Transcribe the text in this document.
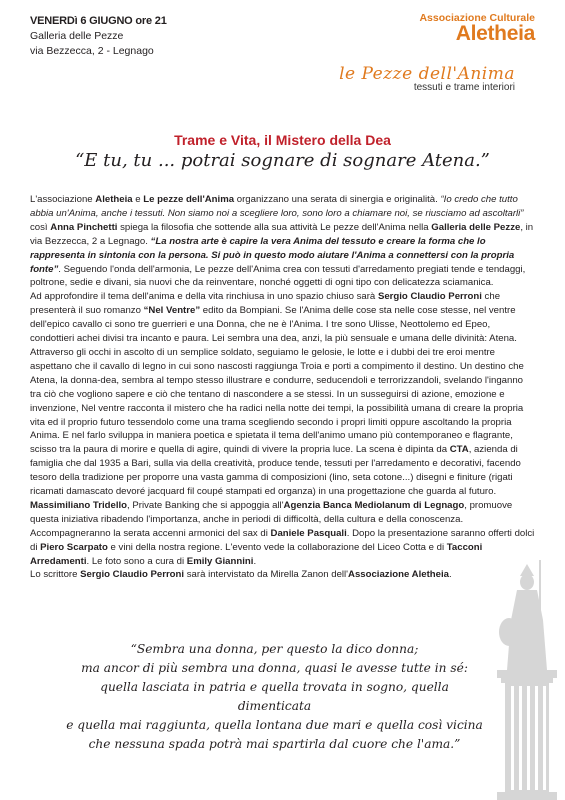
VENERDì 6 GIUGNO ore 21
Galleria delle Pezze
via Bezzecca, 2 - Legnago
Associazione Culturale
Aletheia
le Pezze dell'Anima
tessuti e trame interiori
Trame e Vita, il Mistero della Dea
“E tu, tu ... potrai sognare di sognare Atena.”

L'associazione Aletheia e Le pezze dell'Anima organizzano una serata di sinergia e originalità. “Io credo che tutto abbia un'Anima, anche i tessuti. Non siamo noi a scegliere loro, sono loro a chiamare noi, se riusciamo ad ascoltarli” così Anna Pinchetti spiega la filosofia che sottende alla sua attività Le pezze dell'Anima nella Galleria delle Pezze, in via Bezzecca, 2 a Legnago. “La nostra arte è capire la vera Anima del tessuto e creare la forma che lo rappresenta in sintonia con la persona. Si può in questo modo aiutare l'Anima a connettersi con la propria fonte”. Seguendo l'onda dell'armonia, Le pezze dell'Anima crea con tessuti d'arredamento pregiati tende e tendaggi, poltrone, sedie e divani, sia nuovi che da reinventare, nonché oggetti di ogni tipo con delicatezza sciamanica.

Ad approfondire il tema dell'anima e della vita rinchiusa in uno spazio chiuso sarà Sergio Claudio Perroni che presenterà il suo romanzo “Nel Ventre” edito da Bompiani. Se l'Anima delle cose sta nelle cose stesse, nel ventre dell'epico cavallo ci sono tre guerrieri e una Donna, che ne è l'Anima. I tre sono Ulisse, Neottolemo ed Epeo, condottieri achei divisi tra incanto e paura. Lei sembra una dea, anzi, la più sensuale e umana delle divinità: Atena. Attraverso gli occhi in ascolto di un semplice soldato, seguiamo le gelosie, le lotte e i dubbi dei tre eroi mentre aspettano che il cavallo di legno in cui sono nascosti raggiunga Troia e porti a compimento il destino. Un destino che Atena, la donna-dea, sembra al tempo stesso illustrare e condurre, seducendoli e terrorizzandoli, svelando l'inganno tra ciò che vogliono sapere e ciò che tentano di nascondere a se stessi. In un susseguirsi di azione, emozione e invenzione, Nel ventre racconta il mistero che ha radici nella notte dei tempi, la possibilità umana di creare la propria vita ed il proprio futuro tessendolo come una trama scegliendo secondo i propri limiti oppure ascoltando la propria Anima. E nel farlo sviluppa in maniera poetica e spietata il tema dell'animo umano più contemporaneo e flagrante, scisso tra la paura di morire e quella di agire, quindi di vivere la propria luce. La scena è dipinta da CTA, azienda di famiglia che dal 1935 a Bari, sulla via della creatività, produce tende, tessuti per l'arredamento e decorativi, facendo tesoro della tradizione per proporre una vasta gamma di composizioni (lino, seta cotone...) disegni e finiture (rigati ricamati damascato devoré jacquard fil coupé stampati ed organza) in una progettazione che guarda al futuro.

Massimiliano Tridello, Private Banking che si appoggia all'Agenzia Banca Mediolanum di Legnago, promuove questa iniziativa ribadendo l'importanza, anche in periodi di difficoltà, della cultura e della conoscenza.

Accompagneranno la serata accenni armonici del sax di Daniele Pasquali. Dopo la presentazione saranno offerti dolci di Piero Scarpato e vini della nostra regione. L'evento vede la collaborazione del Liceo Cotta e di Tacconi Arredamenti. Le foto sono a cura di Emily Giannini.

Lo scrittore Sergio Claudio Perroni sarà intervistato da Mirella Zanon dell'Associazione Aletheia.

“Sembra una donna, per questo la dico donna;
ma ancor di più sembra una donna, quasi le avesse tutte in sé:
quella lasciata in patria e quella trovata in sogno, quella dimenticata
e quella mai raggiunta, quella lontana due mari e quella così vicina
che nessuna spada potrà mai spartirla dal cuore che l'ama.”
